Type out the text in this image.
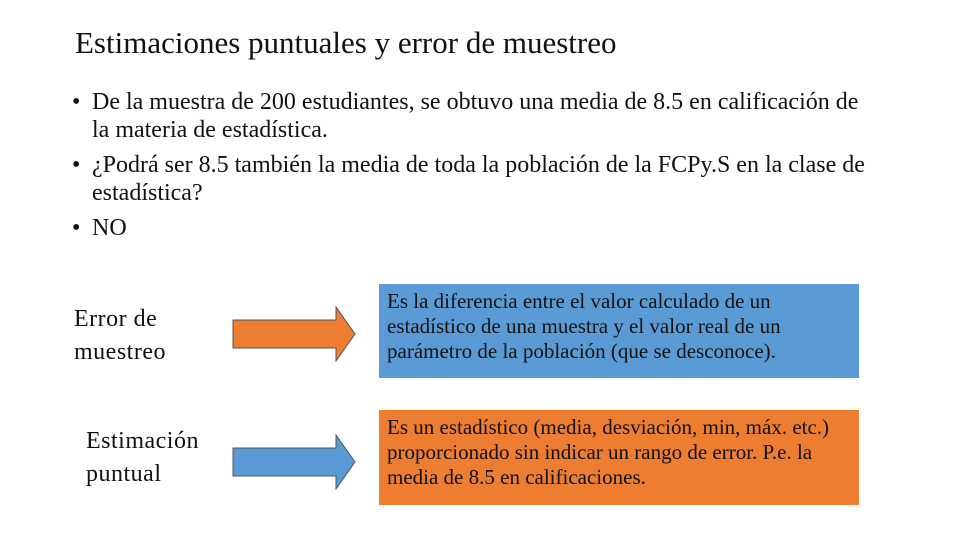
Estimaciones puntuales y error de muestreo
• De la muestra de 200 estudiantes, se obtuvo una media de 8.5 en calificación de la materia de estadística.
• ¿Podrá ser 8.5 también la media de toda la población de la FCPy.S en la clase de estadística?
• NO
Error de
muestreo
Es la diferencia entre el valor calculado de un estadístico de una muestra y el valor real de un parámetro de la población (que se desconoce).
Estimación
puntual
Es un estadístico (media, desviación, min, máx. etc.) proporcionado sin indicar un rango de error. P.e. la media de 8.5 en calificaciones.
